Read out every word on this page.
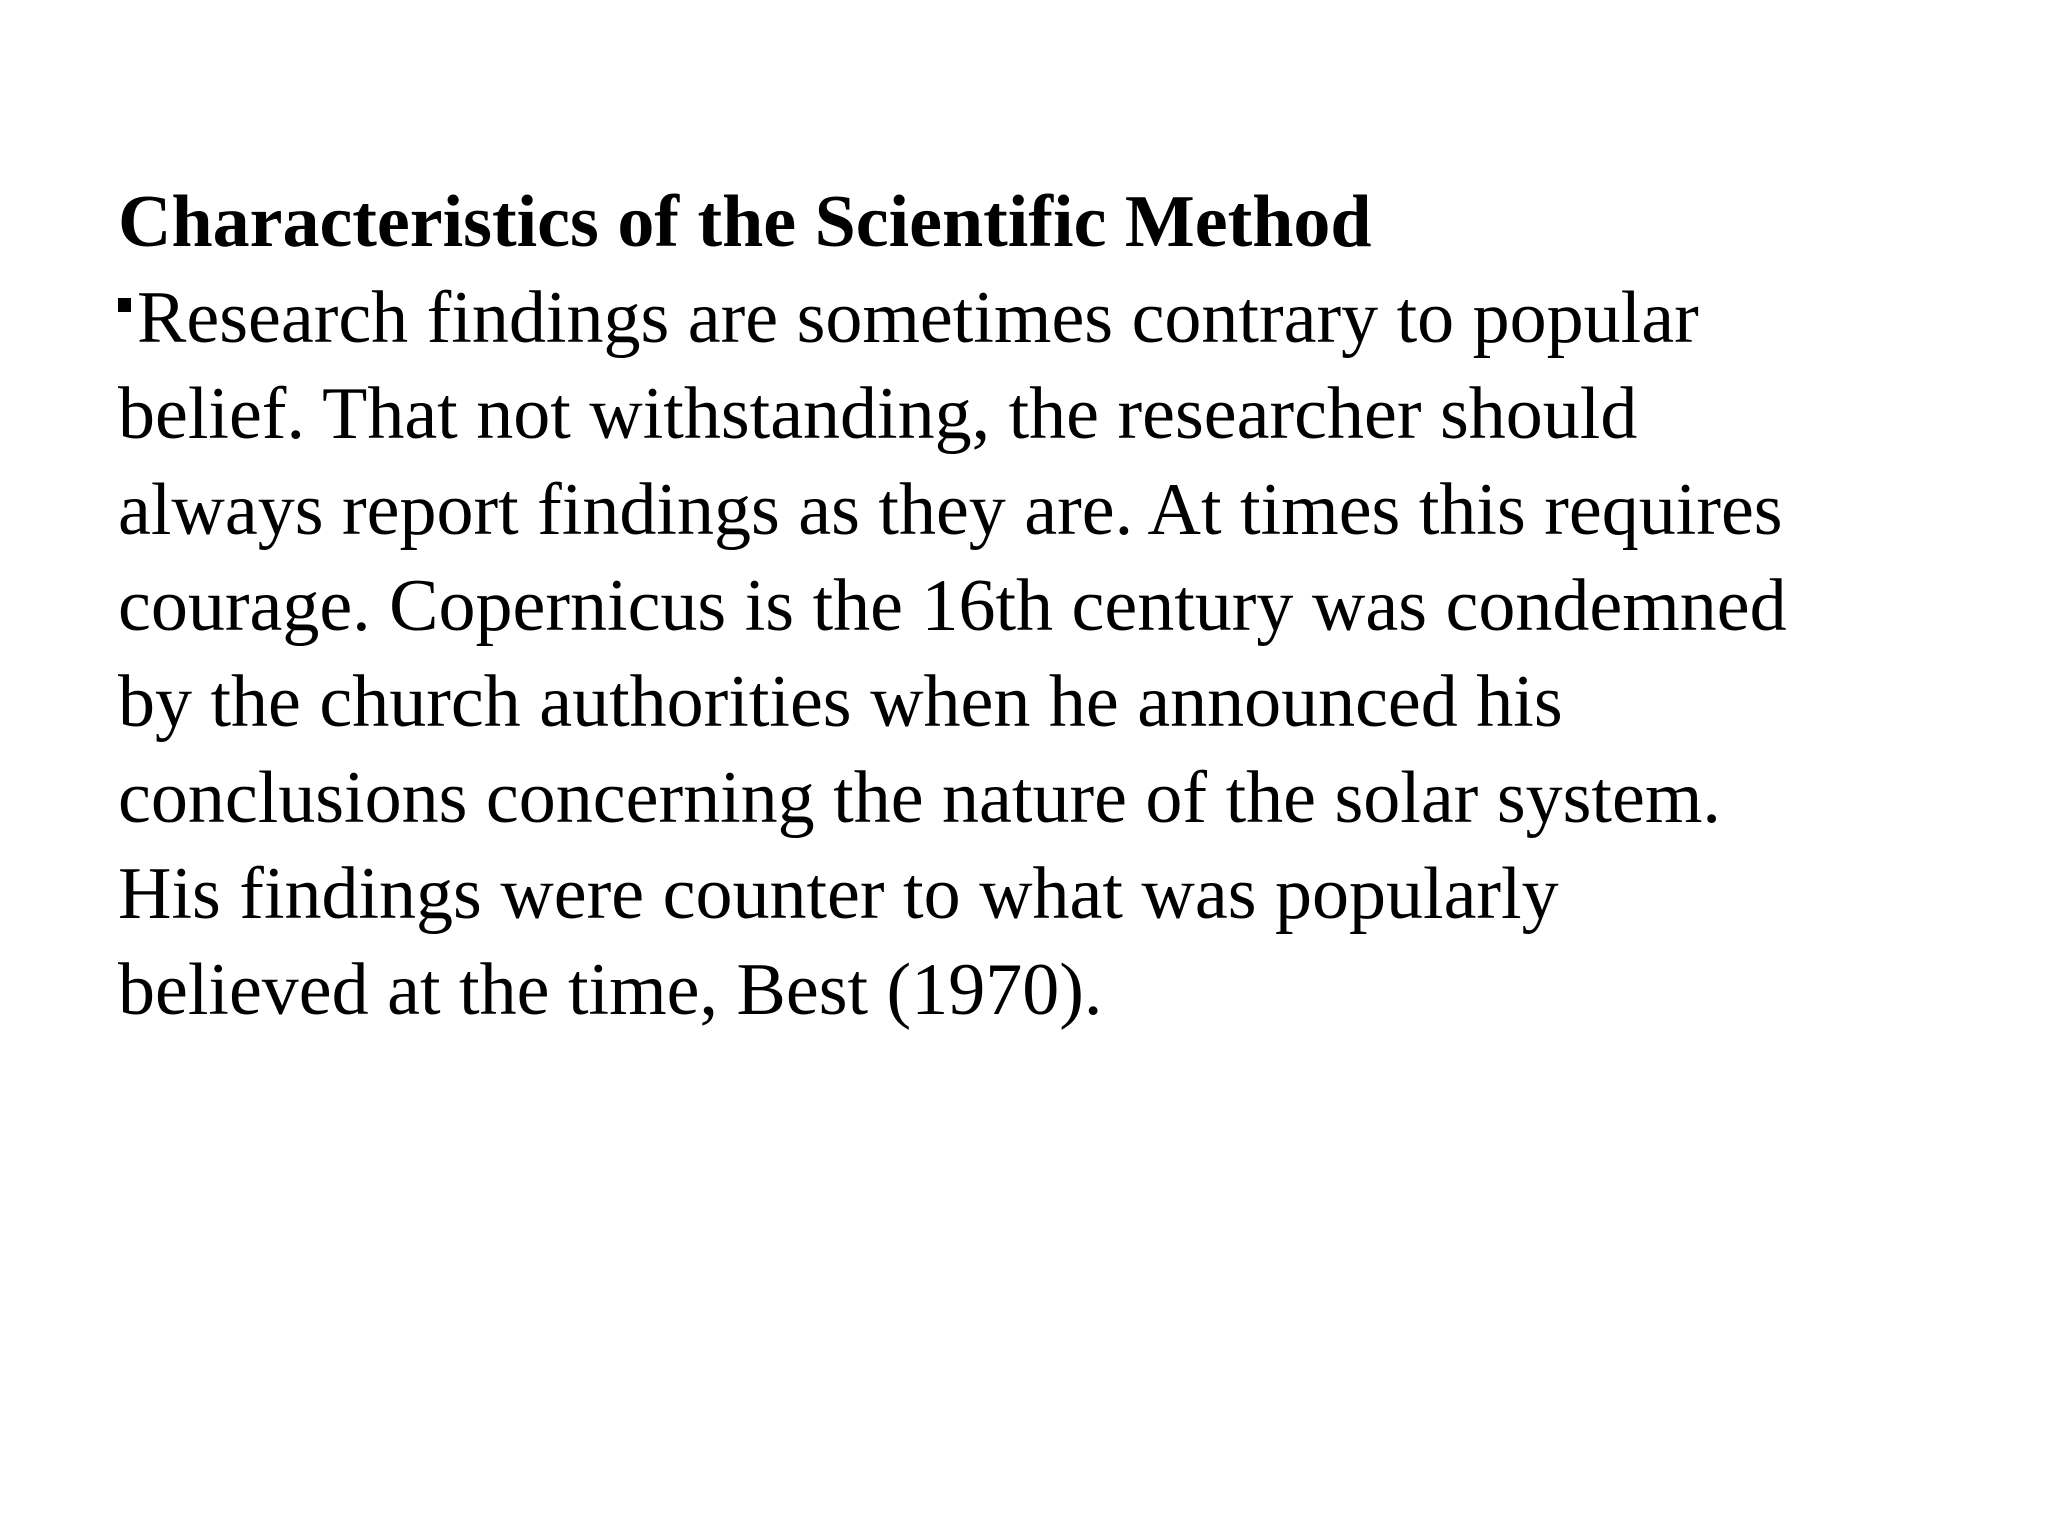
Characteristics of the Scientific Method
Research findings are sometimes contrary to popular
belief. That not withstanding, the researcher should
always report findings as they are. At times this requires
courage. Copernicus is the 16th century was condemned
by the church authorities when he announced his
conclusions concerning the nature of the solar system.
His findings were counter to what was popularly
believed at the time, Best (1970).
